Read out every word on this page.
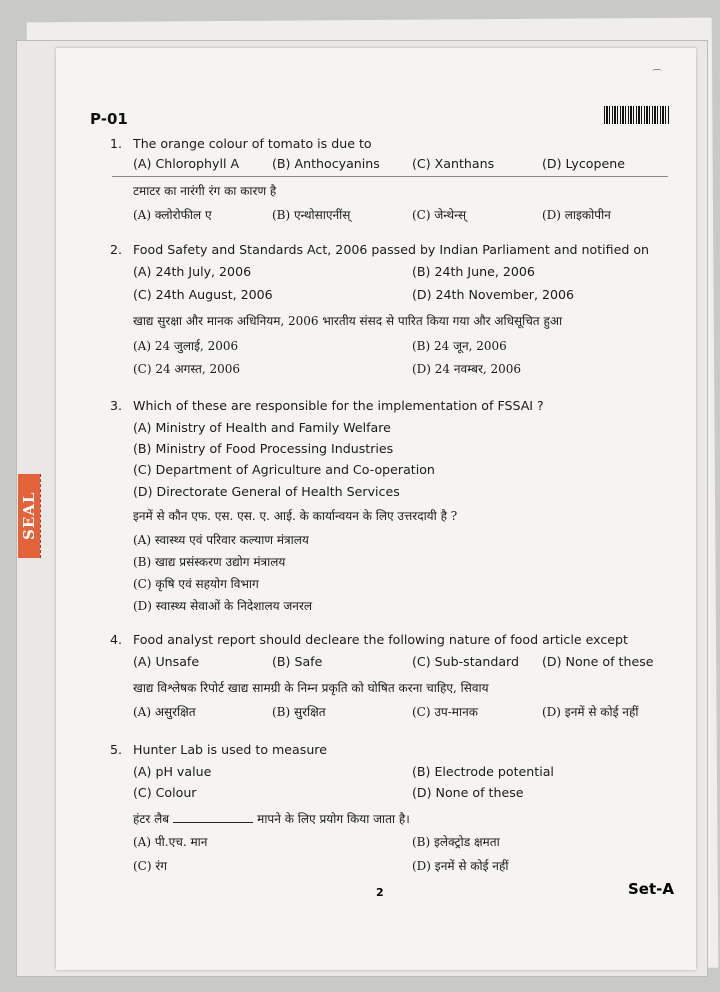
⌒
SEAL
P-01
1. The orange colour of tomato is due to
(A) Chlorophyll A	(B) Anthocyanins	(C) Xanthans	(D) Lycopene
टमाटर का नारंगी रंग का कारण है
(A) क्लोरोफील ए	(B) एन्थोसाएनींस्	(C) जेन्थेन्स्	(D) लाइकोपीन
2. Food Safety and Standards Act, 2006 passed by Indian Parliament and notified on
(A) 24th July, 2006	(B) 24th June, 2006
(C) 24th August, 2006	(D) 24th November, 2006
खाद्य सुरक्षा और मानक अधिनियम, 2006 भारतीय संसद से पारित किया गया और अधिसूचित हुआ
(A) 24 जुलाई, 2006	(B) 24 जून, 2006
(C) 24 अगस्त, 2006	(D) 24 नवम्बर, 2006
3. Which of these are responsible for the implementation of FSSAI ?
(A) Ministry of Health and Family Welfare
(B) Ministry of Food Processing Industries
(C) Department of Agriculture and Co-operation
(D) Directorate General of Health Services
इनमें से कौन एफ. एस. एस. ए. आई. के कार्यान्वयन के लिए उत्तरदायी है ?
(A) स्वास्थ्य एवं परिवार कल्याण मंत्रालय
(B) खाद्य प्रसंस्करण उद्योग मंत्रालय
(C) कृषि एवं सहयोग विभाग
(D) स्वास्थ्य सेवाओं के निदेशालय जनरल
4. Food analyst report should decleare the following nature of food article except
(A) Unsafe	(B) Safe	(C) Sub-standard (D) None of these
खाद्य विश्लेषक रिपोर्ट खाद्य सामग्री के निम्न प्रकृति को घोषित करना चाहिए, सिवाय
(A) असुरक्षित	(B) सुरक्षित	(C) उप-मानक	(D) इनमें से कोई नहीं
5. Hunter Lab is used to measure
(A) pH value	(B) Electrode potential
(C) Colour	(D) None of these
हंटर लैब	मापने के लिए प्रयोग किया जाता है।
(A) पी.एच. मान	(B) इलेक्ट्रोड क्षमता
(C) रंग	(D) इनमें से कोई नहीं
2	Set-A
